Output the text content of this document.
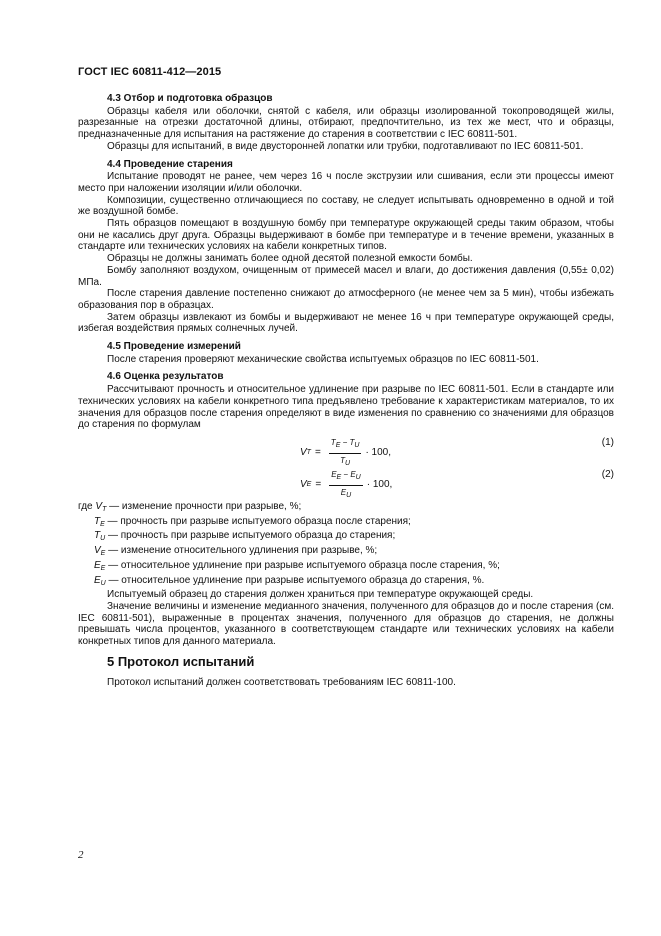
ГОСТ IEC 60811-412—2015
4.3 Отбор и подготовка образцов

Образцы кабеля или оболочки, снятой с кабеля, или образцы изолированной токопроводящей жилы, разрезанные на отрезки достаточной длины, отбирают, предпочтительно, из тех же мест, что и образцы, предназначенные для испытания на растяжение до старения в соответствии с IEC 60811-501.

Образцы для испытаний, в виде двусторонней лопатки или трубки, подготавливают по IEC 60811-501.

4.4 Проведение старения

Испытание проводят не ранее, чем через 16 ч после экструзии или сшивания, если эти процессы имеют место при наложении изоляции и/или оболочки.

Композиции, существенно отличающиеся по составу, не следует испытывать одновременно в одной и той же воздушной бомбе.

Пять образцов помещают в воздушную бомбу при температуре окружающей среды таким образом, чтобы они не касались друг друга. Образцы выдерживают в бомбе при температуре и в течение времени, указанных в стандарте или технических условиях на кабели конкретных типов.

Образцы не должны занимать более одной десятой полезной емкости бомбы.

Бомбу заполняют воздухом, очищенным от примесей масел и влаги, до достижения давления (0,55± 0,02) МПа.

После старения давление постепенно снижают до атмосферного (не менее чем за 5 мин), чтобы избежать образования пор в образцах.

Затем образцы извлекают из бомбы и выдерживают не менее 16 ч при температуре окружающей среды, избегая воздействия прямых солнечных лучей.

4.5 Проведение измерений

После старения проверяют механические свойства испытуемых образцов по IEC 60811-501.

4.6 Оценка результатов

Рассчитывают прочность и относительное удлинение при разрыве по IEC 60811-501. Если в стандарте или технических условиях на кабели конкретного типа предъявлено требование к характеристикам материалов, то их значения для образцов после старения определяют в виде изменения по сравнению со значениями для образцов до старения по формулам

V $T = \frac{TE - TU}{TU} \cdot 100$,
(1)
V $E = \frac{EE - EU}{EU} \cdot 100$,
(2)
где $V_T$ — изменение прочности при разрыве, %;
$T_E$ — прочность при разрыве испытуемого образца после старения;
$T_U$ — прочность при разрыве испытуемого образца до старения;
$V_E$ — изменение относительного удлинения при разрыве, %;
$E_E$ — относительное удлинение при разрыве испытуемого образца после старения, %;
$E_U$ — относительное удлинение при разрыве испытуемого образца до старения, %.

Испытуемый образец до старения должен храниться при температуре окружающей среды.

Значение величины и изменение медианного значения, полученного для образцов до и после старения (см. IEC 60811-501), выраженные в процентах значения, полученного для образцов до старения, не должны превышать числа процентов, указанного в соответствующем стандарте или технических условиях на кабели конкретных типов для данного материала.

5 Протокол испытаний

Протокол испытаний должен соответствовать требованиям IEC 60811-100.

2
